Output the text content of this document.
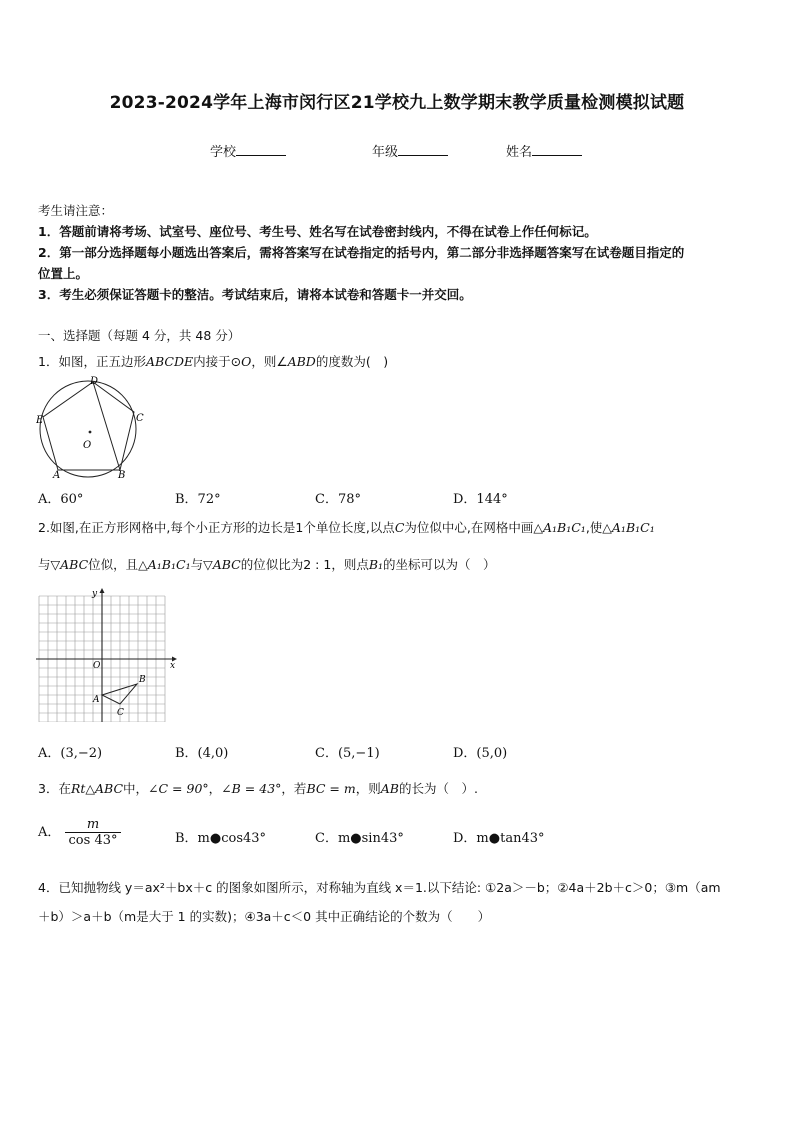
2023-2024学年上海市闵行区21学校九上数学期末教学质量检测模拟试题
学校	年级	姓名
考生请注意：
1．答题前请将考场、试室号、座位号、考生号、姓名写在试卷密封线内，不得在试卷上作任何标记。
2．第一部分选择题每小题选出答案后，需将答案写在试卷指定的括号内，第二部分非选择题答案写在试卷题目指定的
位置上。
3．考生必须保证答题卡的整洁。考试结束后，请将本试卷和答题卡一并交回。
一、选择题（每题 4 分，共 48 分）
1．如图，正五边形ABCDE内接于⊙O，则∠ABD的度数为(　)
D
C
E
O
A	B
A．60°	B．72°	C．78°	D．144°
2.如图,在正方形网格中,每个小正方形的边长是1个单位长度,以点C为位似中心,在网格中画△A₁B₁C₁,使△A₁B₁C₁
与▽ABC位似，且△A₁B₁C₁与▽ABC的位似比为2 : 1，则点B₁的坐标可以为（　）
y
x
O
A
B
C
A．(3,−2)	B．(4,0)	C．(5,−1)	D．(5,0)
3．在Rt△ABC中，∠C = 90°，∠B = 43°，若BC = m，则AB的长为（　）.
A． $\frac{m}{\cos 43^\circ}$	B．m●cos43°	C．m●sin43°	D．m●tan43°
4．已知抛物线 y＝ax²＋bx＋c 的图象如图所示，对称轴为直线 x＝1.以下结论: ①2a＞－b；②4a＋2b＋c＞0；③m（am
＋b）＞a＋b（m是大于 1 的实数)；④3a＋c＜0 其中正确结论的个数为（　　）
